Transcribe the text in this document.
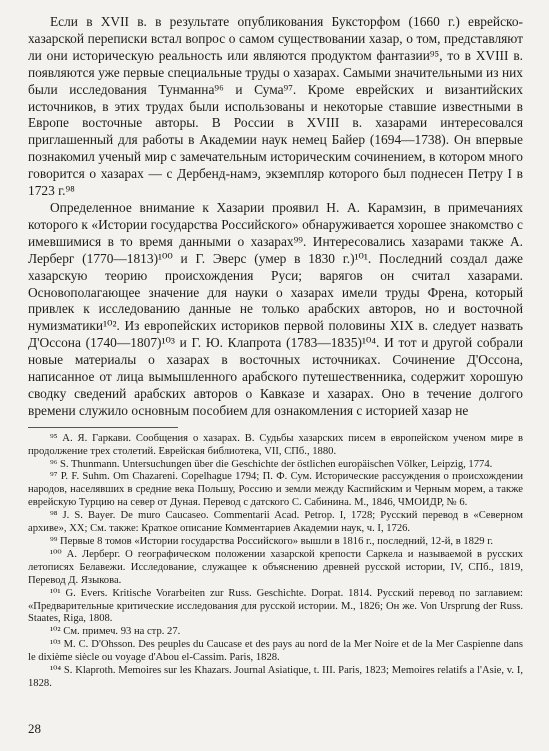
Если в XVII в. в результате опубликования Буксторфом (1660 г.) еврейско-хазарской переписки встал вопрос о самом существовании хазар, о том, представляют ли они историческую реальность или являются продуктом фантазии⁹⁵, то в XVIII в. появляются уже первые специальные труды о хазарах. Самыми значительными из них были исследования Тунманна⁹⁶ и Сума⁹⁷. Кроме еврейских и византийских источников, в этих трудах были использованы и некоторые ставшие известными в Европе восточные авторы. В России в XVIII в. хазарами интересовался приглашенный для работы в Академии наук немец Байер (1694—1738). Он впервые познакомил ученый мир с замечательным историческим сочинением, в котором много говорится о хазарах — с Дербенд-намэ, экземпляр которого был поднесен Петру I в 1723 г.⁹⁸

Определенное внимание к Хазарии проявил Н. А. Карамзин, в примечаниях которого к «Истории государства Российского» обнаруживается хорошее знакомство с имевшимися в то время данными о хазарах⁹⁹. Интересовались хазарами также А. Лерберг (1770—1813)¹⁰⁰ и Г. Эверс (умер в 1830 г.)¹⁰¹. Последний создал даже хазарскую теорию происхождения Руси; варягов он считал хазарами. Основополагающее значение для науки о хазарах имели труды Френа, который привлек к исследованию данные не только арабских авторов, но и восточной нумизматики¹⁰². Из европейских историков первой половины XIX в. следует назвать Д'Оссона (1740—1807)¹⁰³ и Г. Ю. Клапрота (1783—1835)¹⁰⁴. И тот и другой собрали новые материалы о хазарах в восточных источниках. Сочинение Д'Оссона, написанное от лица вымышленного арабского путешественника, содержит хорошую сводку сведений арабских авторов о Кавказе и хазарах. Оно в течение долгого времени служило основным пособием для ознакомления с историей хазар не

⁹⁵ А. Я. Гаркави. Сообщения о хазарах. В. Судьбы хазарских писем в европейском ученом мире в продолжение трех столетий. Еврейская библиотека, VII, СПб., 1880.

⁹⁶ S. Thunmann. Untersuchungen über die Geschichte der östlichen europäischen Völker, Leipzig, 1774.

⁹⁷ P. F. Suhm. Om Chazareni. Copelhague 1794; П. Ф. Сум. Исторические рассуждения о происхождении народов, населявших в средние века Польшу, Россию и земли между Каспийским и Черным морем, а также еврейскую Турцию на север от Дуная. Перевод с датского С. Сабинина. М., 1846, ЧМОИДР, № 6.

⁹⁸ J. S. Bayer. De muro Caucaseo. Commentarii Acad. Petrop. I, 1728; Русский перевод в «Северном архиве», XX; См. также: Краткое описание Комментариев Академии наук, ч. I, 1726.

⁹⁹ Первые 8 томов «Истории государства Российского» вышли в 1816 г., последний, 12-й, в 1829 г.

¹⁰⁰ А. Лерберг. О географическом положении хазарской крепости Саркела и называемой в русских летописях Белавежи. Исследование, служащее к объяснению древней русской истории, IV, СПб., 1819, Перевод Д. Языкова.

¹⁰¹ G. Evers. Kritische Vorarbeiten zur Russ. Geschichte. Dorpat. 1814. Русский перевод по заглавием: «Предварительные критические исследования для русской истории. М., 1826; Он же. Von Ursprung der Russ. Staates, Riga, 1808.

¹⁰² См. примеч. 93 на стр. 27.

¹⁰³ M. C. D'Ohsson. Des peuples du Caucase et des pays au nord de la Mer Noire et de la Mer Caspienne dans le dixième siècle ou voyage d'Abou el-Cassim. Paris, 1828.

¹⁰⁴ S. Klaproth. Memoires sur les Khazars. Journal Asiatique, t. III. Paris, 1823; Memoires relatifs a l'Asie, v. I, 1828.

28
